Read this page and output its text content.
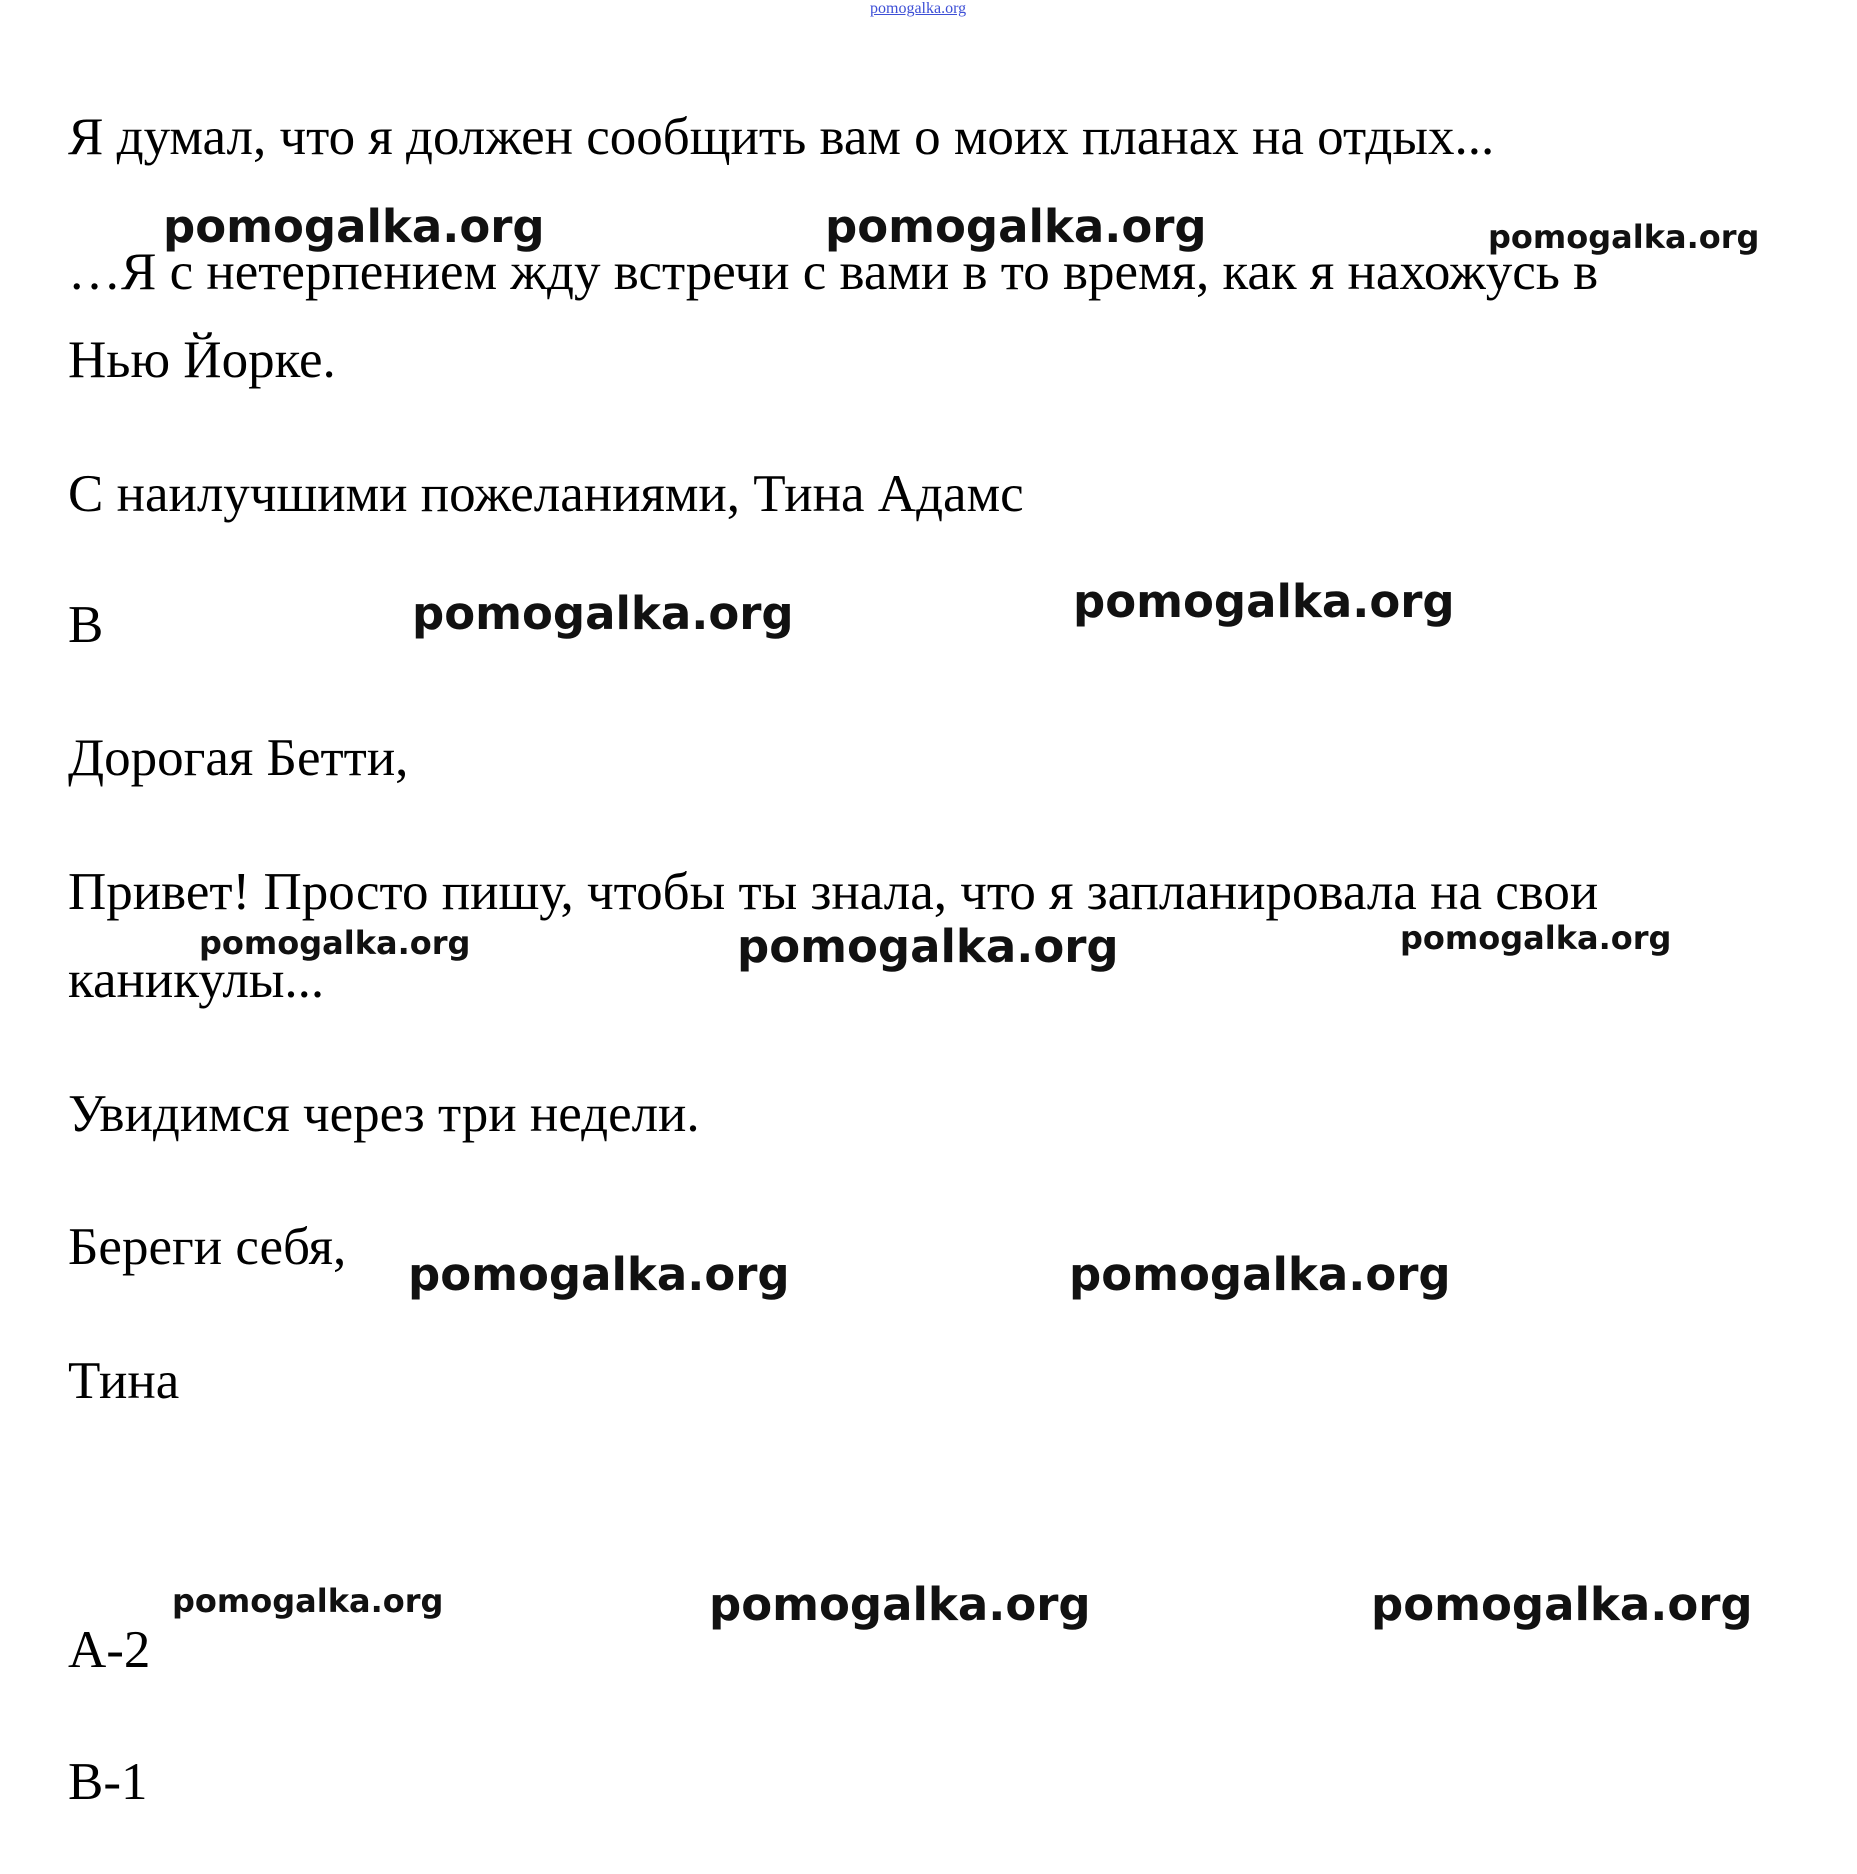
pomogalka.org
Я думал, что я должен сообщить вам о моих планах на отдых...
…Я с нетерпением жду встречи с вами в то время, как я нахожусь в
Нью Йорке.
С наилучшими пожеланиями, Тина Адамс
B
Дорогая Бетти,
Привет! Просто пишу, чтобы ты знала, что я запланировала на свои
каникулы...
Увидимся через три недели.
Береги себя,
Тина
A-2
B-1
pomogalka.org	pomogalka.org	pomogalka.org
pomogalka.org	pomogalka.org
pomogalka.org	pomogalka.org	pomogalka.org
pomogalka.org	pomogalka.org
pomogalka.org	pomogalka.org	pomogalka.org
